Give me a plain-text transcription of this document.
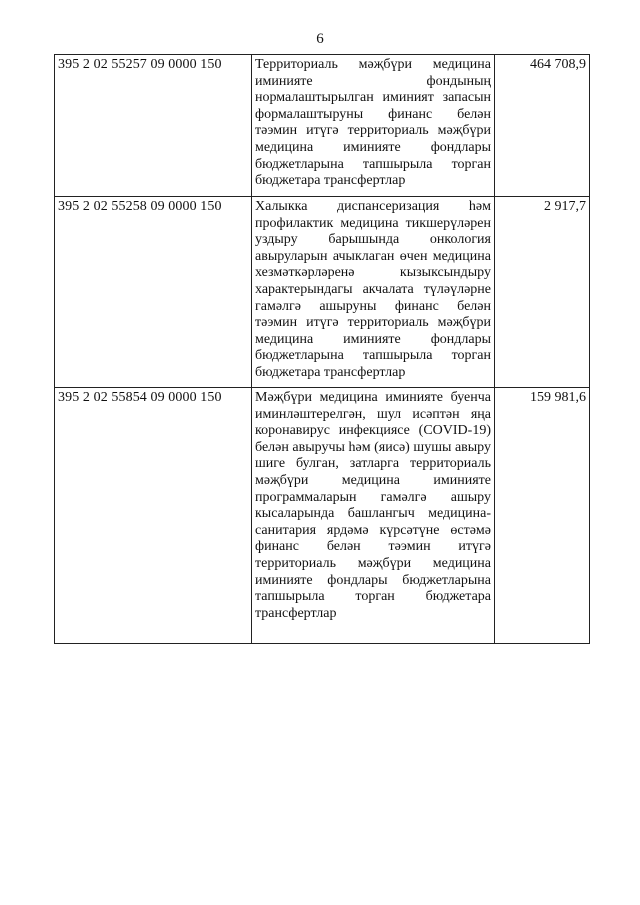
6
395 2 02 55257 09 0000 150	Территориаль мәҗбүри медицина иминияте фондының нормалаштырылган иминият запасын формалаштыруны финанс белән тәэмин итүгә территориаль мәҗбүри медицина иминияте фондлары бюджетларына тапшырыла торган бюджетара трансфертлар	464 708,9
395 2 02 55258 09 0000 150	Халыкка диспансеризация һәм профилактик медицина тикшерүләрен уздыру барышында онкология авыруларын ачыклаган өчен медицина хезмәткәрләренә кызыксындыру характерындагы акчалата түләүләрне гамәлгә ашыруны финанс белән тәэмин итүгә территориаль мәҗбүри медицина иминияте фондлары бюджетларына тапшырыла торган бюджетара трансфертлар	2 917,7
395 2 02 55854 09 0000 150	Мәҗбүри медицина иминияте буенча иминләштерелгән, шул исәптән яңа коронавирус инфекциясе (COVID-19) белән авыручы һәм (яисә) шушы авыру шиге булган, затларга территориаль мәҗбүри медицина иминияте программаларын гамәлгә ашыру кысаларында башлангыч медицина-санитария ярдәмә күрсәтүне өстәмә финанс белән тәэмин итүгә территориаль мәҗбүри медицина иминияте фондлары бюджетларына тапшырыла торган бюджетара трансфертлар	159 981,6
